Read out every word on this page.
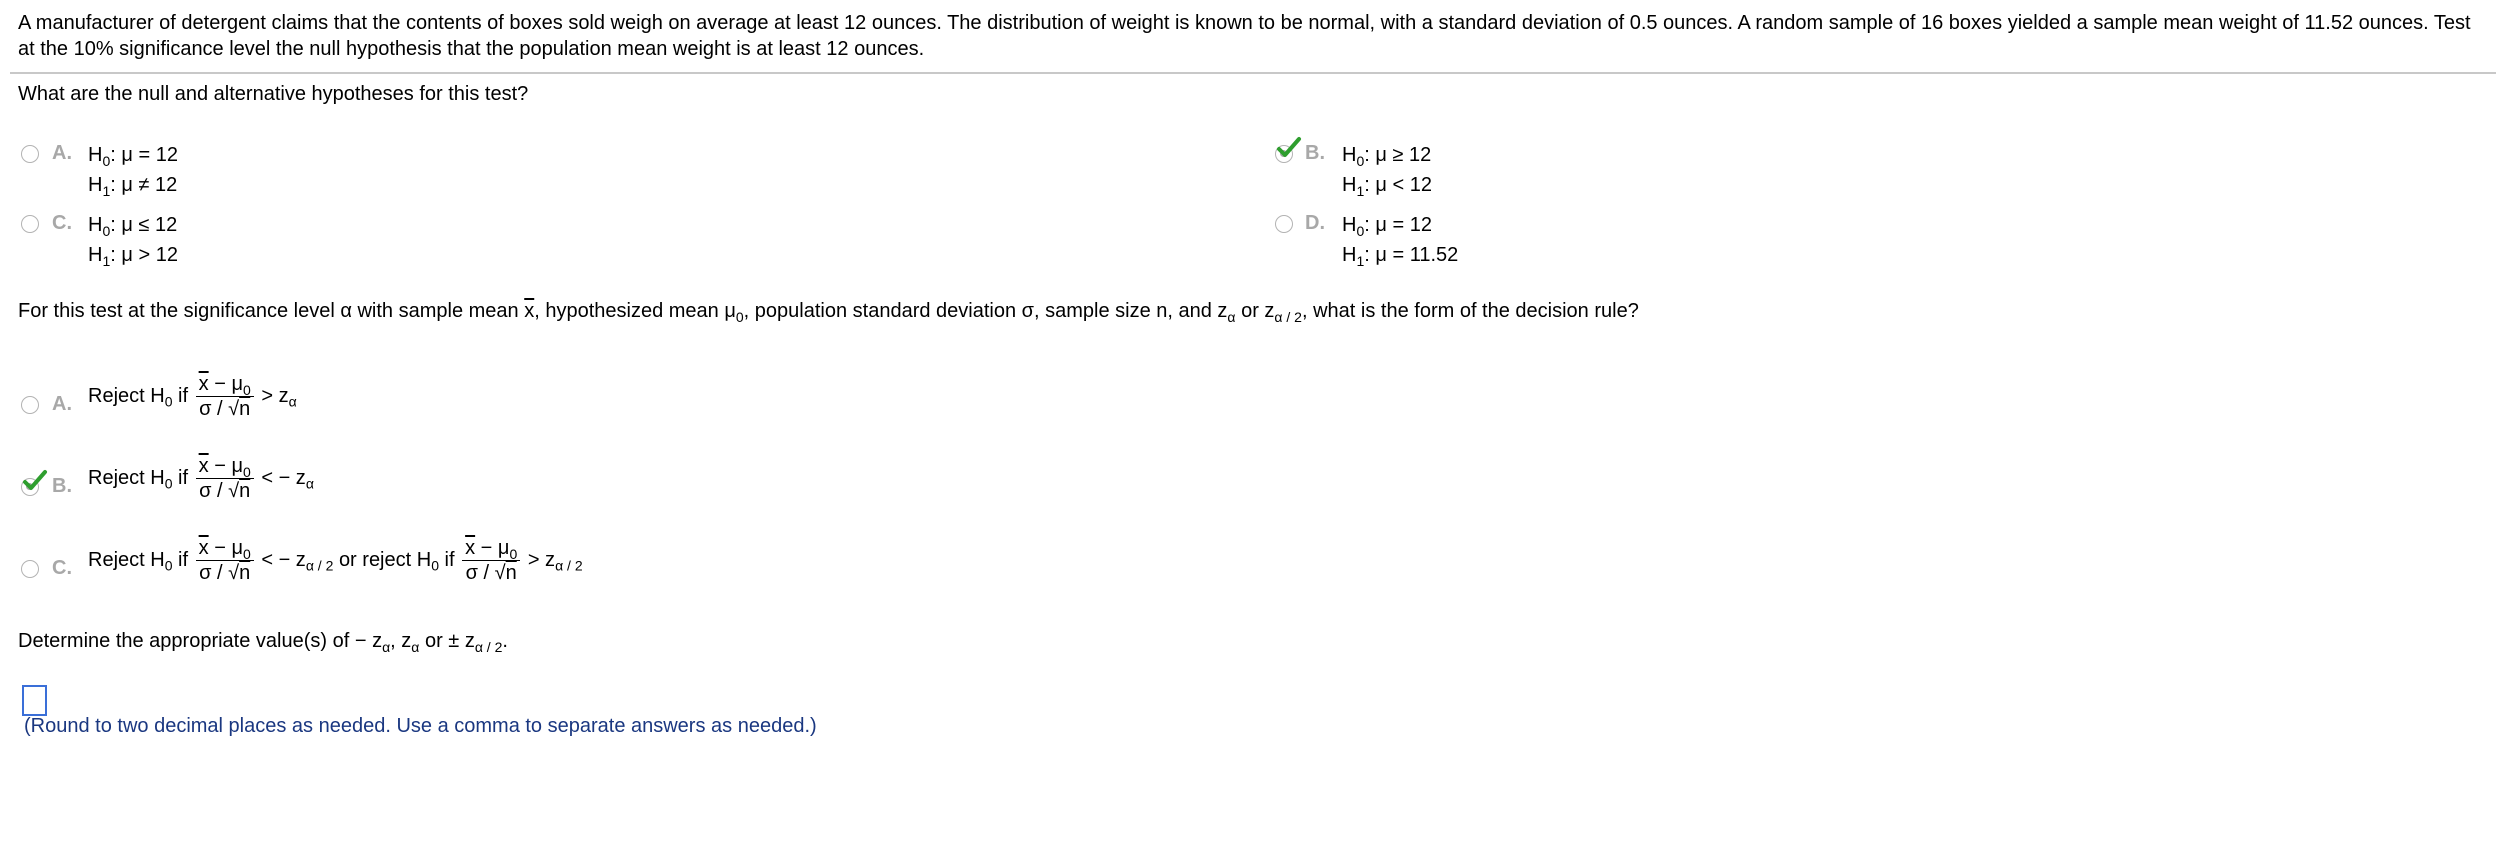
A manufacturer of detergent claims that the contents of boxes sold weigh on average at least 12 ounces. The distribution of weight is known to be normal, with a standard deviation of 0.5 ounces. A random sample of 16 boxes yielded a sample mean weight of 11.52 ounces. Test at the 10% significance level the null hypothesis that the population mean weight is at least 12 ounces.
What are the null and alternative hypotheses for this test?
A. $H_0$: μ = 12
$H_1$: μ ≠ 12
B. $H_0$: μ ≥ 12
$H_1$: μ < 12
C. $H_0$: μ ≤ 12
$H_1$: μ > 12
D. $H_0$: μ = 12
$H_1$: μ = 11.52
For this test at the significance level α with sample mean $\overline{x}$, hypothesized mean $\mu_0$, population standard deviation σ, sample size n, and $z_\alpha$ or $z_{\alpha / 2}$, what is the form of the decision rule?
A. Reject $H_0$ if $\frac{\overline{x} - \mu_0}{\sigma / √n} > z_\alpha$
B. Reject $H_0$ if $\frac{\overline{x} - \mu_0}{\sigma / √n}$ < − $z_\alpha$
C. Reject $H_0$ if $\frac{\overline{x} - \mu_0}{\sigma / √n}$ < − $z_{\alpha / 2}$ or reject $H_0$ if $\frac{\overline{x} - \mu_0}{\sigma / √n} > z_{\alpha / 2}$
Determine the appropriate value(s) of − $z_\alpha$, $z_\alpha$ or ± $z_{\alpha / 2}$.
(Round to two decimal places as needed. Use a comma to separate answers as needed.)
